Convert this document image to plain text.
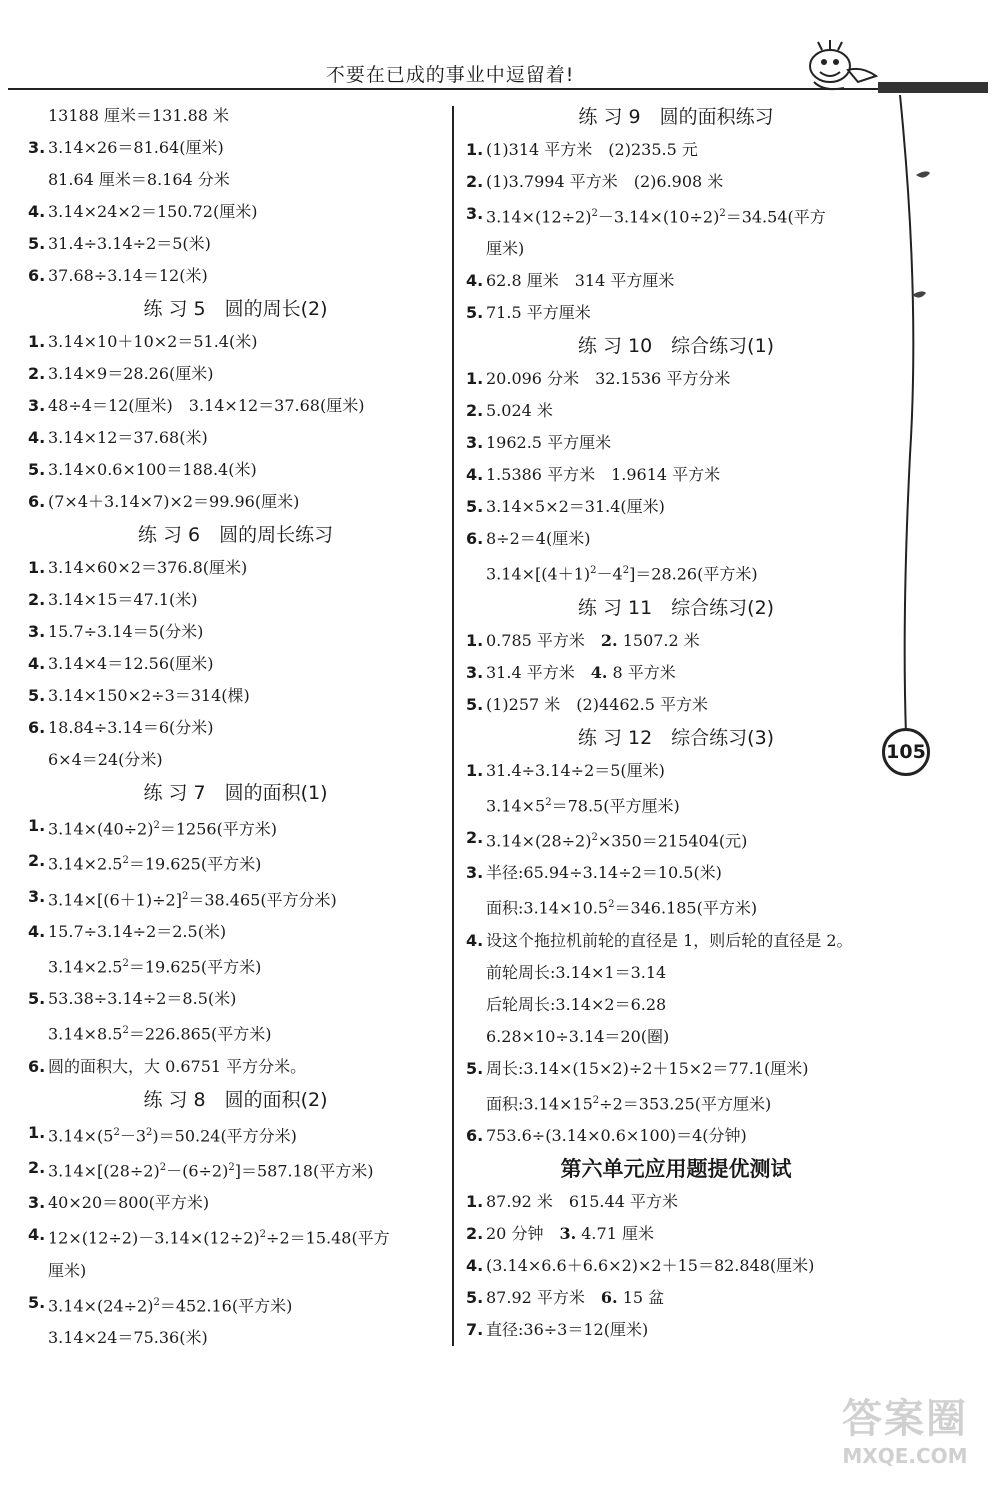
不要在已成的事业中逗留着!
105
13188 厘米＝131.88 米
3. 3.14×26＝81.64(厘米)
81.64 厘米＝8.164 分米
4. 3.14×24×2＝150.72(厘米)
5. 31.4÷3.14÷2＝5(米)
6. 37.68÷3.14＝12(米)
练 习 5　圆的周长(2)
1. 3.14×10＋10×2＝51.4(米)
2. 3.14×9＝28.26(厘米)
3. 48÷4＝12(厘米)　3.14×12＝37.68(厘米)
4. 3.14×12＝37.68(米)
5. 3.14×0.6×100＝188.4(米)
6. (7×4＋3.14×7)×2＝99.96(厘米)
练 习 6　圆的周长练习
1. 3.14×60×2＝376.8(厘米)
2. 3.14×15＝47.1(米)
3. 15.7÷3.14＝5(分米)
4. 3.14×4＝12.56(厘米)
5. 3.14×150×2÷3＝314(棵)
6. 18.84÷3.14＝6(分米)
6×4＝24(分米)
练 习 7　圆的面积(1)
1. $3.14\times(40\div 2)^2=1256$(平方米)
2. $3.14\times 2.5^2=19.625$(平方米)
3. $3.14\times[(6+1)\div 2]^2=38.465$(平方分米)
4. 15.7÷3.14÷2＝2.5(米)
$3.14\times 2.5^2=19.625$(平方米)
5. 53.38÷3.14÷2＝8.5(米)
$3.14\times 8.5^2=226.865$(平方米)
6. 圆的面积大，大 0.6751 平方分米。
练 习 8　圆的面积(2)
1. $3.14\times(5^2-3^2)=50.24$(平方分米)
2. $3.14\times[(28\div 2)^2-(6\div 2)^2]=587.18$(平方米)
3. 40×20＝800(平方米)
4. $12\times(12\div 2)-3.14\times(12\div 2)^2\div 2=15.48$(平方
厘米)
5. $3.14\times(24\div 2)^2=452.16$(平方米)
3.14×24＝75.36(米)
练 习 9　圆的面积练习
1. (1)314 平方米　(2)235.5 元
2. (1)3.7994 平方米　(2)6.908 米
3. $3.14\times(12\div 2)^2-3.14\times(10\div 2)^2=34.54$(平方
厘米)
4. 62.8 厘米　314 平方厘米
5. 71.5 平方厘米
练 习 10　综合练习(1)
1. 20.096 分米　32.1536 平方分米
2. 5.024 米
3. 1962.5 平方厘米
4. 1.5386 平方米　1.9614 平方米
5. 3.14×5×2＝31.4(厘米)
6. 8÷2＝4(厘米)
$3.14\times[(4+1)^2-4^2]=28.26$(平方米)
练 习 11　综合练习(2)
1. 0.785 平方米　2. 1507.2 米
3. 31.4 平方米　4. 8 平方米
5. (1)257 米　(2)4462.5 平方米
练 习 12　综合练习(3)
1. 31.4÷3.14÷2＝5(厘米)
$3.14\times 5^2=78.5$(平方厘米)
2. $3.14\times(28\div 2)^2\times 350=215404$(元)
3. 半径:65.94÷3.14÷2＝10.5(米)
面积$:3.14\times 10.5^2=346.185$(平方米)
4. 设这个拖拉机前轮的直径是 1，则后轮的直径是 2。
前轮周长:3.14×1＝3.14
后轮周长:3.14×2＝6.28
6.28×10÷3.14＝20(圈)
5. 周长:3.14×(15×2)÷2＋15×2＝77.1(厘米)
面积$:3.14\times 15^2\div 2=353.25$(平方厘米)
6. 753.6÷(3.14×0.6×100)＝4(分钟)
第六单元应用题提优测试
1. 87.92 米　615.44 平方米
2. 20 分钟　3. 4.71 厘米
4. (3.14×6.6＋6.6×2)×2＋15＝82.848(厘米)
5. 87.92 平方米　6. 15 盆
7. 直径:36÷3＝12(厘米)
答案圈
MXQE.COM
